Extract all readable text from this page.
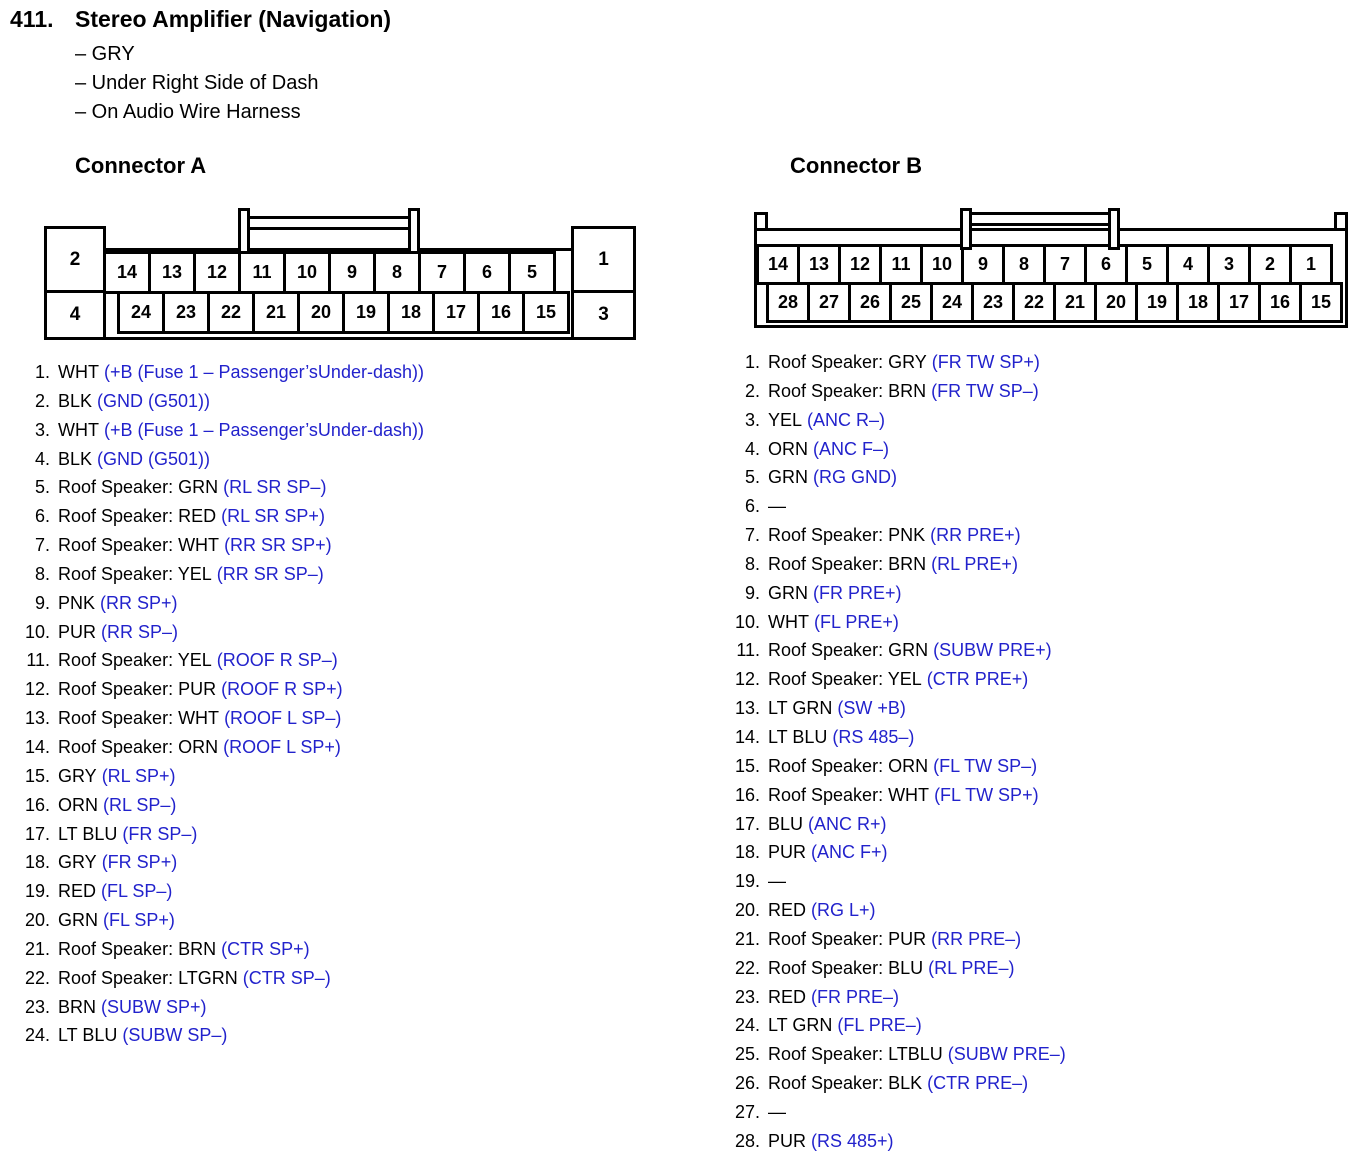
411. Stereo Amplifier (Navigation)
– GRY
– Under Right Side of Dash
– On Audio Wire Harness
Connector A	Connector B
2
4
14	13	12	11	10	9	8	7	6	5
24	23	22	21	20	19	18	17	16	15
1
3
14	13	12	11	10	9	8	7	6	5	4	3	2	1
28	27	26	25	24	23	22	21	20	19	18	17	16	15
1. WHT (+B (Fuse 1 – Passenger’sUnder-dash))
2. BLK (GND (G501))
3. WHT (+B (Fuse 1 – Passenger’sUnder-dash))
4. BLK (GND (G501))
5. Roof Speaker: GRN (RL SR SP–)
6. Roof Speaker: RED (RL SR SP+)
7. Roof Speaker: WHT (RR SR SP+)
8. Roof Speaker: YEL (RR SR SP–)
9. PNK (RR SP+)
10. PUR (RR SP–)
11. Roof Speaker: YEL (ROOF R SP–)
12. Roof Speaker: PUR (ROOF R SP+)
13. Roof Speaker: WHT (ROOF L SP–)
14. Roof Speaker: ORN (ROOF L SP+)
15. GRY (RL SP+)
16. ORN (RL SP–)
17. LT BLU (FR SP–)
18. GRY (FR SP+)
19. RED (FL SP–)
20. GRN (FL SP+)
21. Roof Speaker: BRN (CTR SP+)
22. Roof Speaker: LTGRN (CTR SP–)
23. BRN (SUBW SP+)
24. LT BLU (SUBW SP–)
1. Roof Speaker: GRY (FR TW SP+)
2. Roof Speaker: BRN (FR TW SP–)
3. YEL (ANC R–)
4. ORN (ANC F–)
5. GRN (RG GND)
6. —
7. Roof Speaker: PNK (RR PRE+)
8. Roof Speaker: BRN (RL PRE+)
9. GRN (FR PRE+)
10. WHT (FL PRE+)
11. Roof Speaker: GRN (SUBW PRE+)
12. Roof Speaker: YEL (CTR PRE+)
13. LT GRN (SW +B)
14. LT BLU (RS 485–)
15. Roof Speaker: ORN (FL TW SP–)
16. Roof Speaker: WHT (FL TW SP+)
17. BLU (ANC R+)
18. PUR (ANC F+)
19. —
20. RED (RG L+)
21. Roof Speaker: PUR (RR PRE–)
22. Roof Speaker: BLU (RL PRE–)
23. RED (FR PRE–)
24. LT GRN (FL PRE–)
25. Roof Speaker: LTBLU (SUBW PRE–)
26. Roof Speaker: BLK (CTR PRE–)
27. —
28. PUR (RS 485+)
